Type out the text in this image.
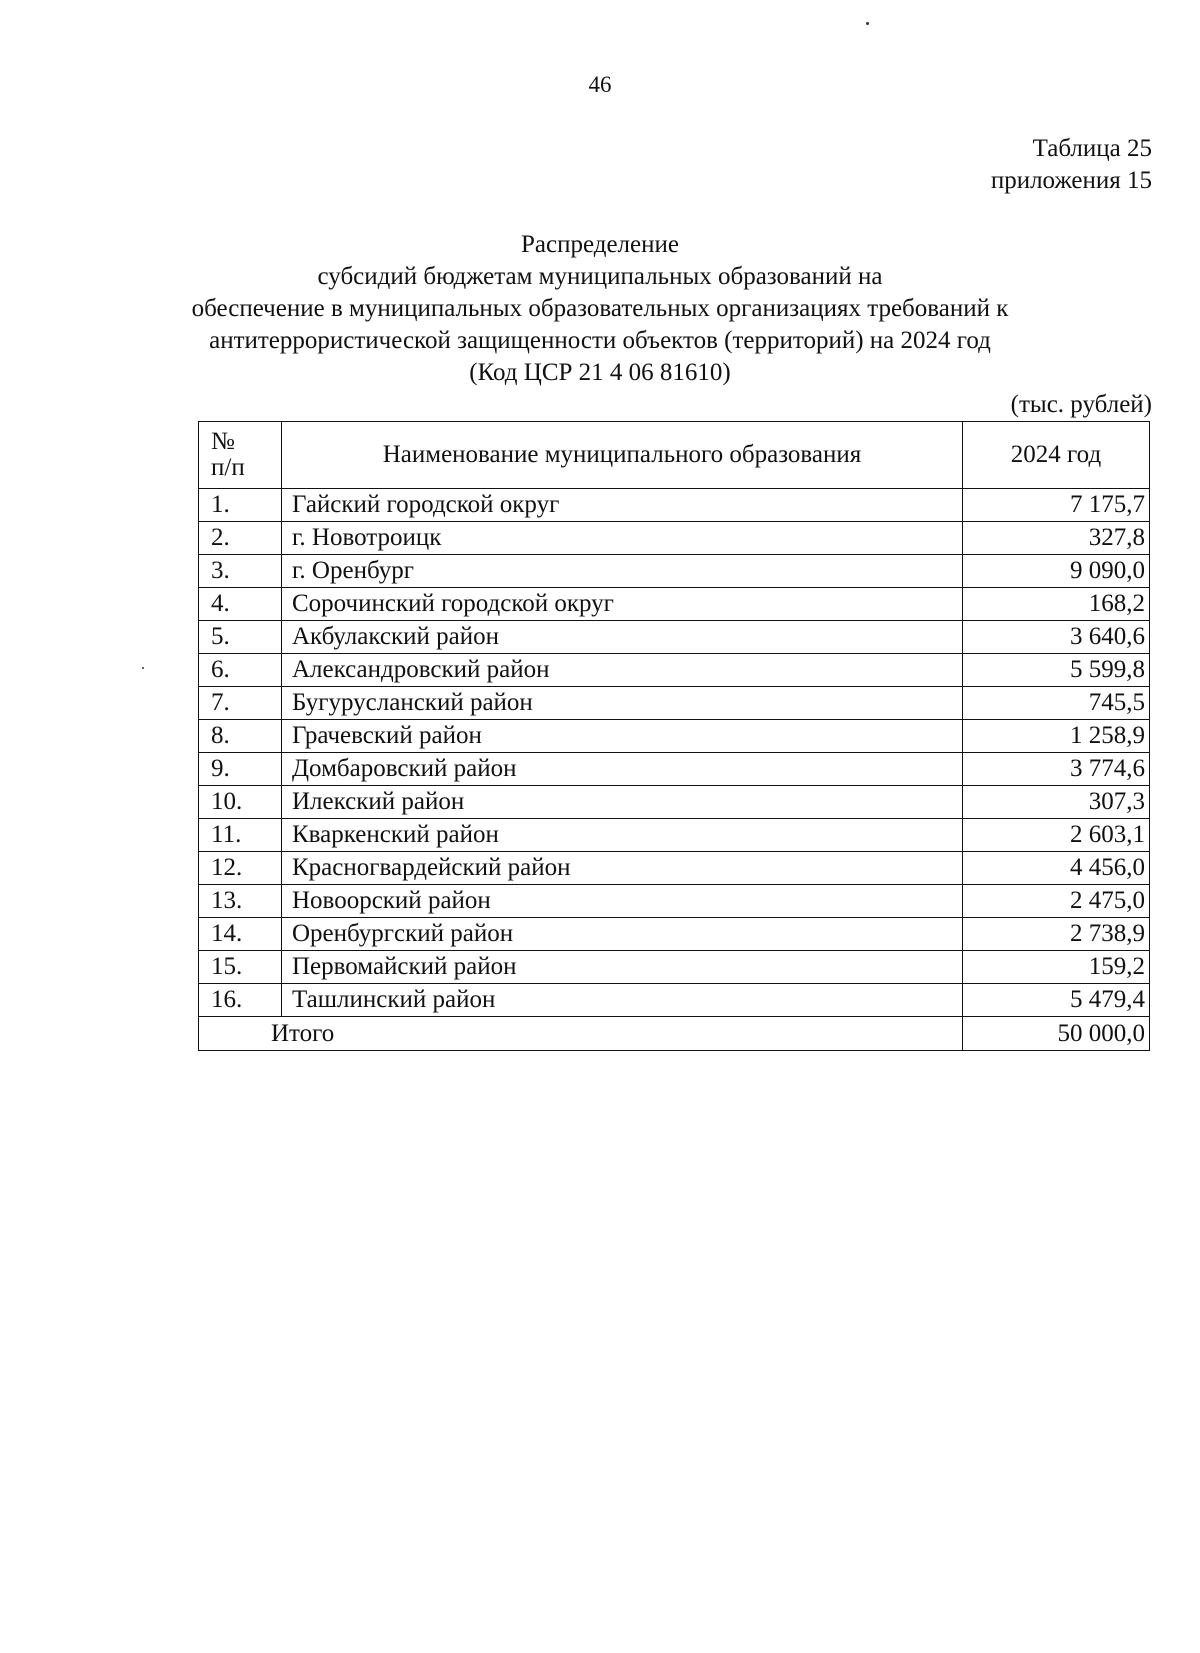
46
Таблица 25
приложения 15
Распределение
субсидий бюджетам муниципальных образований на
обеспечение в муниципальных образовательных организациях требований к
антитеррористической защищенности объектов (территорий) на 2024 год
(Код ЦСР 21 4 06 81610)
(тыс. рублей)
№
п/п	Наименование муниципального образования	2024 год
1.	Гайский городской округ	7 175,7
2.	г. Новотроицк	327,8
3.	г. Оренбург	9 090,0
4.	Сорочинский городской округ	168,2
5.	Акбулакский район	3 640,6
6.	Александровский район	5 599,8
7.	Бугурусланский район	745,5
8.	Грачевский район	1 258,9
9.	Домбаровский район	3 774,6
10.	Илекский район	307,3
11.	Кваркенский район	2 603,1
12.	Красногвардейский район	4 456,0
13.	Новоорский район	2 475,0
14.	Оренбургский район	2 738,9
15.	Первомайский район	159,2
16.	Ташлинский район	5 479,4
Итого		50 000,0
